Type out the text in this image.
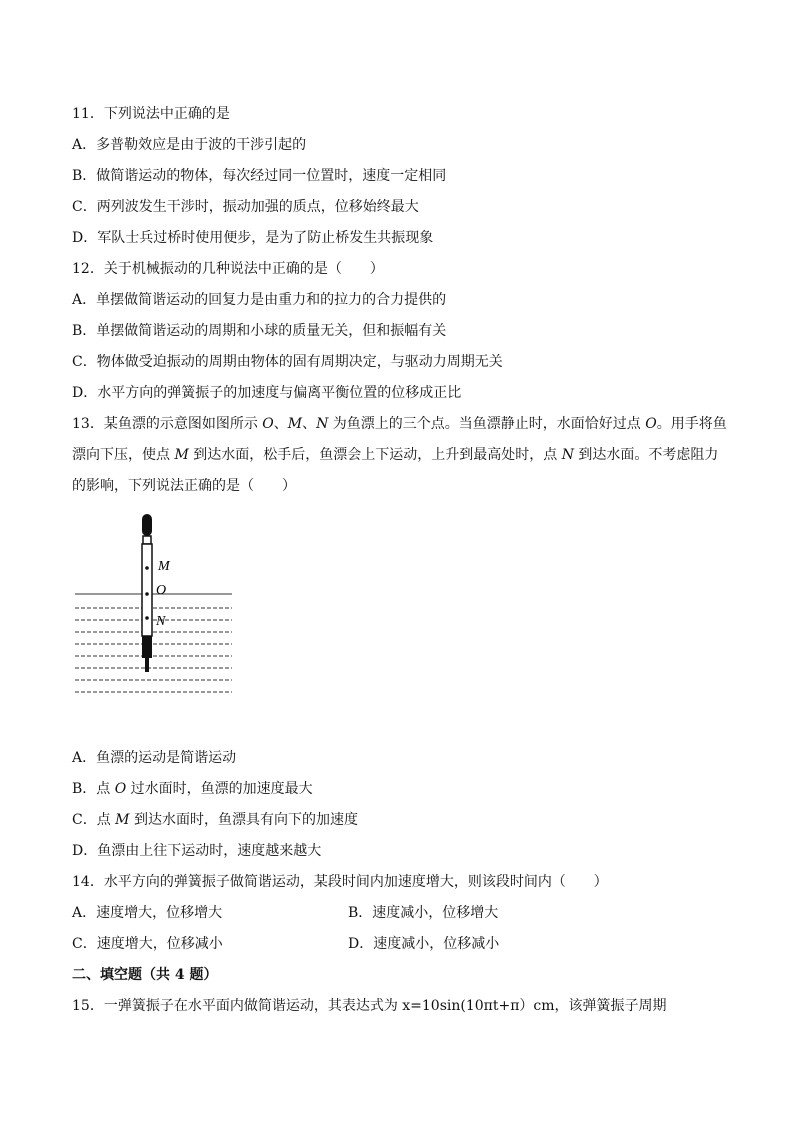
11．下列说法中正确的是
A．多普勒效应是由于波的干涉引起的
B．做简谐运动的物体，每次经过同一位置时，速度一定相同
C．两列波发生干涉时，振动加强的质点，位移始终最大
D．军队士兵过桥时使用便步，是为了防止桥发生共振现象
12．关于机械振动的几种说法中正确的是（　　）
A．单摆做简谐运动的回复力是由重力和的拉力的合力提供的
B．单摆做简谐运动的周期和小球的质量无关，但和振幅有关
C．物体做受迫振动的周期由物体的固有周期决定，与驱动力周期无关
D．水平方向的弹簧振子的加速度与偏离平衡位置的位移成正比
13．某鱼漂的示意图如图所示 O、M、N 为鱼漂上的三个点。当鱼漂静止时，水面恰好过点 O。用手将鱼
漂向下压，使点 M 到达水面，松手后，鱼漂会上下运动，上升到最高处时，点 N 到达水面。不考虑阻力
的影响，下列说法正确的是（　　）
M
O
N
A．鱼漂的运动是简谐运动
B．点 O 过水面时，鱼漂的加速度最大
C．点 M 到达水面时，鱼漂具有向下的加速度
D．鱼漂由上往下运动时，速度越来越大
14．水平方向的弹簧振子做简谐运动，某段时间内加速度增大，则该段时间内（　　）
A．速度增大，位移增大	B．速度减小，位移增大
C．速度增大，位移减小	D．速度减小，位移减小
二、填空题（共 4 题）
15．一弹簧振子在水平面内做简谐运动，其表达式为 x=10sin(10πt+π）cm，该弹簧振子周期
